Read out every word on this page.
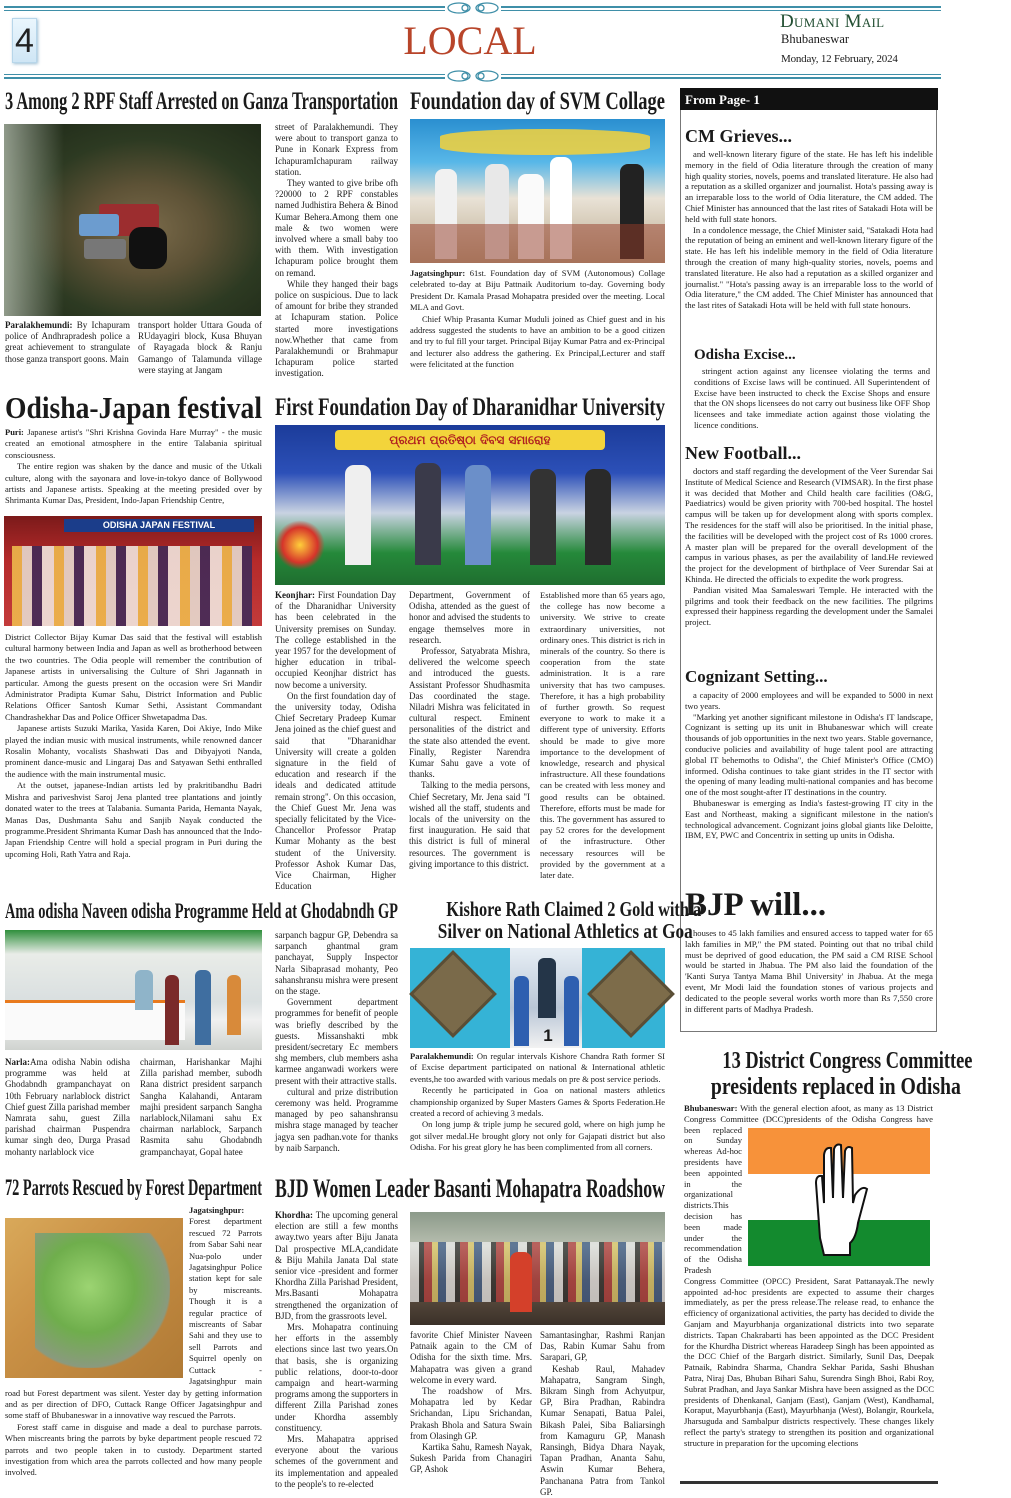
4	LOCAL	Dumani Mail
Bhubaneswar
Monday, 12 February, 2024
3 Among 2 RPF Staff Arrested on Ganza Transportation

Paralakhemundi: By Ichapuram police of Andhrapradesh police a great achievement to strangulate those ganza transport goons. Main

transport holder Uttara Gouda of RUdayagiri block, Kusa Bhuyan of Rayagada block & Ranju Gamango of Talamunda village were staying at Jangam

street of Paralakhemundi. They were about to transport ganza to Pune in Konark Express from IchapuramIchapuram railway station.

They wanted to give bribe ofh ?20000 to 2 RPF constables named Judhistira Behera & Binod Kumar Behera.Among them one male & two women were involved where a small baby too with them. With investigation Ichapuram police brought them on remand.

While they hanged their bags police on suspicious. Due to lack of amount for bribe they stranded at Ichapuram station. Police started more investigations now.Whether that came from Paralakhemundi or Brahmapur Ichapuram police started investigation.

Foundation day of SVM Collage

Jagatsinghpur: 61st. Foundation day of SVM (Autonomous) Collage celebrated to-day at Biju Pattnaik Auditorium to-day. Governing body President Dr. Kamala Prasad Mohapatra presided over the meeting. Local MLA and Govt.

Chief Whip Prasanta Kumar Muduli joined as Chief guest and in his address suggested the students to have an ambition to be a good citizen and try to ful fill your target. Principal Bijay Kumar Patra and ex-Principal and lecturer also address the gathering. Ex Principal,Lecturer and staff were felicitated at the function

From Page- 1
CM Grieves...

and well-known literary figure of the state. He has left his indelible memory in the field of Odia literature through the creation of many high quality stories, novels, poems and translated literature. He also had a reputation as a skilled organizer and journalist. Hota's passing away is an irreparable loss to the world of Odia literature, the CM added. The Chief Minister has announced that the last rites of Satakadi Hota will be held with full state honors.

In a condolence message, the Chief Minister said, "Satakadi Hota had the reputation of being an eminent and well-known literary figure of the state. He has left his indelible memory in the field of Odia literature through the creation of many high-quality stories, novels, poems and translated literature. He also had a reputation as a skilled organizer and journalist." "Hota's passing away is an irreparable loss to the world of Odia literature," the CM added. The Chief Minister has announced that the last rites of Satakadi Hota will be held with full state honours.

Odisha Excise...

stringent action against any licensee violating the terms and conditions of Excise laws will be continued. All Superintendent of Excise have been instructed to check the Excise Shops and ensure that the ON shops licensees do not carry out business like OFF Shop licensees and take immediate action against those violating the licence conditions.

New Football...

doctors and staff regarding the development of the Veer Surendar Sai Institute of Medical Science and Research (VIMSAR). In the first phase it was decided that Mother and Child health care facilities (O&G, Paediatrics) would be given priority with 700-bed hospital. The hostel campus will be taken up for development along with sports complex. The residences for the staff will also be prioritised. In the initial phase, the facilities will be developed with the project cost of Rs 1000 crores. A master plan will be prepared for the overall development of the campus in various phases, as per the availability of land.He reviewed the project for the development of birthplace of Veer Surendar Sai at Khinda. He directed the officials to expedite the work progress.

Pandian visited Maa Samaleswari Temple. He interacted with the pilgrims and took their feedback on the new facilities. The pilgrims expressed their happiness regarding the development under the Samalei project.

Cognizant Setting...

a capacity of 2000 employees and will be expanded to 5000 in next two years.

"Marking yet another significant milestone in Odisha's IT landscape, Cognizant is setting up its unit in Bhubaneswar which will create thousands of job opportunities in the next two years. Stable governance, conducive policies and availability of huge talent pool are attracting global IT behemoths to Odisha", the Chief Minister's Office (CMO) informed. Odisha continues to take giant strides in the IT sector with the opening of many leading multi-national companies and has become one of the most sought-after IT destinations in the country.

Bhubaneswar is emerging as India's fastest-growing IT city in the East and Northeast, making a significant milestone in the nation's technological advancement. Cognizant joins global giants like Deloitte, IBM, EY, PWC and Concentrix in setting up units in Odisha.

BJP will...

houses to 45 lakh families and ensured access to tapped water for 65 lakh families in MP," the PM stated. Pointing out that no tribal child must be deprived of good education, the PM said a CM RISE School would be started in Jhabua. The PM also laid the foundation of the 'Kanti Surya Tantya Mama Bhil University' in Jhabua. At the mega event, Mr Modi laid the foundation stones of various projects and dedicated to the people several works worth more than Rs 7,550 crore in different parts of Madhya Pradesh.

Odisha-Japan festival

Puri: Japanese artist's "Shri Krishna Govinda Hare Murray" - the music created an emotional atmosphere in the entire Talabania spiritual consciousness.

The entire region was shaken by the dance and music of the Utkali culture, along with the sayonara and love-in-tokyo dance of Bollywood artists and Japanese artists. Speaking at the meeting presided over by Shrimanta Kumar Das, President, Indo-Japan Friendship Centre,

ODISHA JAPAN FESTIVAL

District Collector Bijay Kumar Das said that the festival will establish cultural harmony between India and Japan as well as brotherhood between the two countries. The Odia people will remember the contribution of Japanese artists in universalising the Culture of Shri Jagannath in particular. Among the guests present on the occasion were Sri Mandir Administrator Pradipta Kumar Sahu, District Information and Public Relations Officer Santosh Kumar Sethi, Assistant Commandant Chandrashekhar Das and Police Officer Shwetapadma Das.

Japanese artists Suzuki Marika, Yasida Karen, Doi Akiye, Indo Mike played the indian music with musical instruments, while renowned dancer Rosalin Mohanty, vocalists Shashwati Das and Dibyajyoti Nanda, prominent dance-music and Lingaraj Das and Satyawan Sethi enthralled the audience with the main instrumental music.

At the outset, japanese-Indian artists led by prakritibandhu Badri Mishra and pariveshvist Saroj Jena planted tree plantations and jointly donated water to the trees at Talabania. Sumanta Parida, Hemanta Nayak, Manas Das, Dushmanta Sahu and Sanjib Nayak conducted the programme.President Shrimanta Kumar Dash has announced that the Indo-Japan Friendship Centre will hold a special program in Puri during the upcoming Holi, Rath Yatra and Raja.

First Foundation Day of Dharanidhar University
ପ୍ରଥମ ପ୍ରତିଷ୍ଠା ଦିବସ ସମାରୋହ

Keonjhar: First Foundation Day of the Dharanidhar University has been celebrated in the University premises on Sunday. The college established in the year 1957 for the development of higher education in tribal-occupied Keonjhar district has now become a university.

On the first foundation day of the university today, Odisha Chief Secretary Pradeep Kumar Jena joined as the chief guest and said that "Dharanidhar University will create a golden signature in the field of education and research if the ideals and dedicated attitude remain strong". On this occasion, the Chief Guest Mr. Jena was specially felicitated by the Vice-Chancellor Professor Pratap Kumar Mohanty as the best student of the University. Professor Ashok Kumar Das, Vice Chairman, Higher Education

Department, Government of Odisha, attended as the guest of honor and advised the students to engage themselves more in research.

Professor, Satyabrata Mishra, delivered the welcome speech and introduced the guests. Assistant Professor Shudhasmita Das coordinated the stage. Niladri Mishra was felicitated in cultural respect. Eminent personalities of the district and the state also attended the event. Finally, Register Narendra Kumar Sahu gave a vote of thanks.

Talking to the media persons, Chief Secretary, Mr. Jena said "I wished all the staff, students and locals of the university on the first inauguration. He said that this district is full of mineral resources. The government is giving importance to this district.

Established more than 65 years ago, the college has now become a university. We strive to create extraordinary universities, not ordinary ones. This district is rich in minerals of the country. So there is cooperation from the state administration. It is a rare university that has two campuses. Therefore, it has a high probability of further growth. So request everyone to work to make it a different type of university. Efforts should be made to give more importance to the development of knowledge, research and physical infrastructure. All these foundations can be created with less money and good results can be obtained. Therefore, efforts must be made for this. The government has assured to pay 52 crores for the development of the infrastructure. Other necessary resources will be provided by the government at a later date.

Ama odisha Naveen odisha Programme Held at Ghodabndh GP

Narla:Ama odisha Nabin odisha programme was held at Ghodabndh grampanchayat on 10th February narlablock district Chief guest Zilla parishad member Namrata sahu, guest Zilla parishad chairman Puspendra kumar singh deo, Durga Prasad mohanty narlablock vice

chairman, Harishankar Majhi Zilla parishad member, subodh Rana district president sarpanch Sangha Kalahandi, Antaram majhi president sarpanch Sangha narlablock,Nilamani sahu Ex chairman narlablock, Sarpanch Rasmita sahu Ghodabndh grampanchayat, Gopal hatee

sarpanch bagpur GP, Debendra sa sarpanch ghantmal gram panchayat, Supply Inspector Narla Sibaprasad mohanty, Peo sahanshransu mishra were present on the stage.

Government department programmes for benefit of people was briefly described by the guests. Missanshakti mbk president/secretary Ec members shg members, club members asha karmee anganwadi workers were present with their attractive stalls.

cultural and prize distribution ceremony was held. Programme managed by peo sahanshransu mishra stage managed by teacher jagya sen padhan.vote for thanks by naib Sarpanch.

Kishore Rath Claimed 2 Gold with a
Silver on National Athletics at Goa
1

Paralakhemundi: On regular intervals Kishore Chandra Rath former SI of Excise department participated on national & International athletic events,he too awarded with various medals on pre & post service periods.

Recently he participated in Goa on national masters athletics championship organized by Super Masters Games & Sports Federation.He created a record of achieving 3 medals.

On long jump & triple jump he secured gold, where on high jump he got silver medal.He brought glory not only for Gajapati district but also Odisha. For his great glory he has been complimented from all corners.

13 District Congress Committee
presidents replaced in Odisha

Bhubaneswar: With the general election afoot, as many as 13 District Congress Committee (DCC)presidents of the Odisha Congress have been replaced on Sunday whereas Ad-hoc presidents have been appointed in the organizational districts.This decision has been made under the recommendation of the Odisha Pradesh Congress Committee (OPCC) President, Sarat Pattanayak.The newly appointed ad-hoc presidents are expected to assume their charges immediately, as per the press release.The release read, to enhance the efficiency of organizational activities, the party has decided to divide the Ganjam and Mayurbhanja organizational districts into two separate districts. Tapan Chakrabarti has been appointed as the DCC President for the Khurdha District whereas Haradeep Singh has been appointed as the DCC Chief of the Bargarh district. Similarly, Sunil Das, Deepak Patnaik, Rabindra Sharma, Chandra Sekhar Parida, Sashi Bhushan Patra, Niraj Das, Bhuban Bihari Sahu, Surendra Singh Bhoi, Rabi Roy, Subrat Pradhan, and Jaya Sankar Mishra have been assigned as the DCC presidents of Dhenkanal, Ganjam (East), Ganjam (West), Kandhamal, Koraput, Mayurbhanja (East), Mayurbhanja (West), Bolangir, Rourkela, Jharsuguda and Sambalpur districts respectively. These changes likely reflect the party's strategy to strengthen its position and organizational structure in preparation for the upcoming elections

72 Parrots Rescued by Forest Department

Jagatsinghpur: Forest department rescued 72 Parrots from Sabar Sahi near Nua-polo under Jagatsinghpur Police station kept for sale by miscreants. Though it is a regular practice of miscreants of Sabar Sahi and they use to sell Parrots and Squirrel openly on Cuttack - Jagatsinghpur main road but Forest department was silent. Yester day by getting information and as per direction of DFO, Cuttack Range Officer Jagatsinghpur and some staff of Bhubaneswar in a innovative way rescued the Parrots.

Forest staff came in disguise and made a deal to purchase parrots. When miscreants bring the parrots by byke department people rescued 72 parrots and two people taken in to custody. Department started investigation from which area the parrots collected and how many people involved.

BJD Women Leader Basanti Mohapatra Roadshow

Khordha: The upcoming general election are still a few months away.two years after Biju Janata Dal prospective MLA,candidate & Biju Mahila Janata Dal state senior vice -president and former Khordha Zilla Parishad President, Mrs.Basanti Mohapatra strengthened the organization of BJD, from the grassroots level.

Mrs. Mohapatra continuing her efforts in the assembly elections since last two years.On that basis, she is organizing public relations, door-to-door campaign and heart-warming programs among the supporters in different Zilla Parishad zones under Khordha assembly constituency.

Mrs. Mahapatra apprised everyone about the various schemes of the government and its implementation and appealed to the people's to re-elected

favorite Chief Minister Naveen Patnaik again to the CM of Odisha for the sixth time. Mrs. Mahapatra was given a grand welcome in every ward.

The roadshow of Mrs. Mohapatra led by Kedar Srichandan, Lipu Srichandan, Prakash Bhola and Satura Swain from Olasingh GP.

Kartika Sahu, Ramesh Nayak, Sukesh Parida from Chanagiri GP, Ashok

Samantasinghar, Rashmi Ranjan Das, Rabin Kumar Sahu from Sarapari, GP,

Keshab Raul, Mahadev Mahapatra, Sangram Singh, Bikram Singh from Achyutpur, GP, Bira Pradhan, Rabindra Kumar Senapati, Batua Palei, Bikash Palei, Siba Baliarsingh from Kamaguru GP, Manash Ransingh, Bidya Dhara Nayak, Tapan Pradhan, Ananta Sahu, Aswin Kumar Behera, Panchanana Patra from Tankol GP.
